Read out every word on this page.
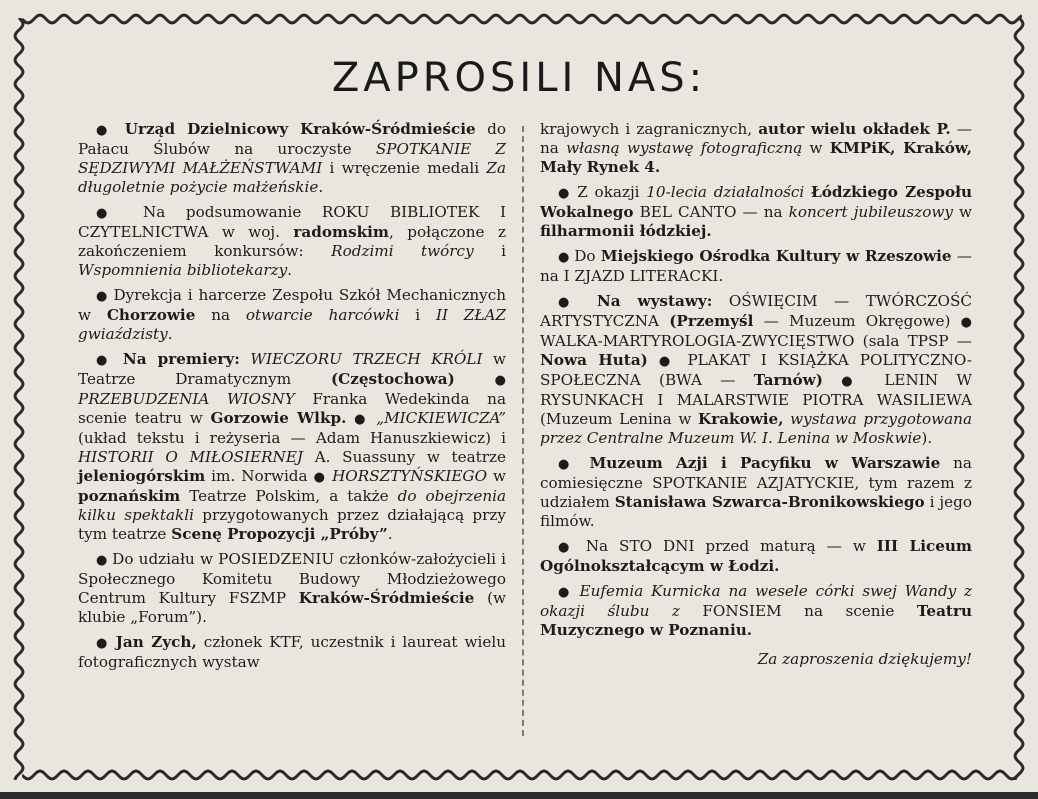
ZAPROSILI NAS:

● Urząd Dzielnicowy Kraków-Śródmieście do Pałacu Ślubów na uroczyste SPOTKANIE Z SĘDZIWYMI MAŁŻEŃSTWAMI i wręczenie medali Za długoletnie pożycie małżeńskie.

● Na podsumowanie ROKU BIBLIOTEK I CZYTELNICTWA w woj. radomskim, połączone z zakończeniem konkursów: Rodzimi twórcy i Wspomnienia bibliotekarzy.

● Dyrekcja i harcerze Zespołu Szkół Mechanicznych w Chorzowie na otwarcie harcówki i II ZŁAZ gwiaździsty.

● Na premiery: WIECZORU TRZECH KRÓLI w Teatrze Dramatycznym (Częstochowa)	● PRZEBUDZENIA WIOSNY Franka Wedekinda na scenie teatru w Gorzowie Wlkp. ● „MICKIEWICZA” (układ tekstu i reżyseria — Adam Hanuszkiewicz) i HISTORII O MIŁOSIERNEJ A. Suassuny w teatrze jeleniogórskim im. Norwida ● HORSZTYŃSKIEGO w poznańskim Teatrze Polskim, a także do obejrzenia kilku spektakli przygotowanych przez działającą przy tym teatrze Scenę Propozycji „Próby”.

● Do udziału w POSIEDZENIU członków-założycieli i Społecznego Komitetu Budowy Młodzieżowego Centrum Kultury FSZMP Kraków-Śródmieście (w klubie „Forum”).

● Jan Zych, członek KTF, uczestnik i laureat wielu fotograficznych wystaw

krajowych i zagranicznych, autor wielu okładek P. — na własną wystawę fotograficzną w KMPiK, Kraków, Mały Rynek 4.

● Z okazji 10-lecia działalności Łódzkiego Zespołu Wokalnego BEL CANTO — na koncert jubileuszowy w filharmonii łódzkiej.

● Do Miejskiego Ośrodka Kultury w Rzeszowie — na I ZJAZD LITERACKI.

● Na wystawy: OŚWIĘCIM — TWÓRCZOŚĆ ARTYSTYCZNA (Przemyśl — Muzeum Okręgowe) ● WALKA-MARTYROLOGIA-ZWYCIĘSTWO (sala TPSP — Nowa Huta) ● PLAKAT I KSIĄŻKA POLITYCZNO-SPOŁECZNA (BWA — Tarnów) ● LENIN W RYSUNKACH I MALARSTWIE PIOTRA WASILIEWA (Muzeum Lenina w Krakowie, wystawa przygotowana przez Centralne Muzeum W. I. Lenina w Moskwie).

● Muzeum Azji i Pacyfiku w Warszawie na comiesięczne SPOTKANIE AZJATYCKIE, tym razem z udziałem Stanisława Szwarca-Bronikowskiego i jego filmów.

● Na STO DNI przed maturą — w III Liceum Ogólnokształcącym w Łodzi.

● Eufemia Kurnicka na wesele córki swej Wandy z okazji ślubu z FONSIEM na scenie Teatru Muzycznego w Poznaniu.

Za zaproszenia dziękujemy!
